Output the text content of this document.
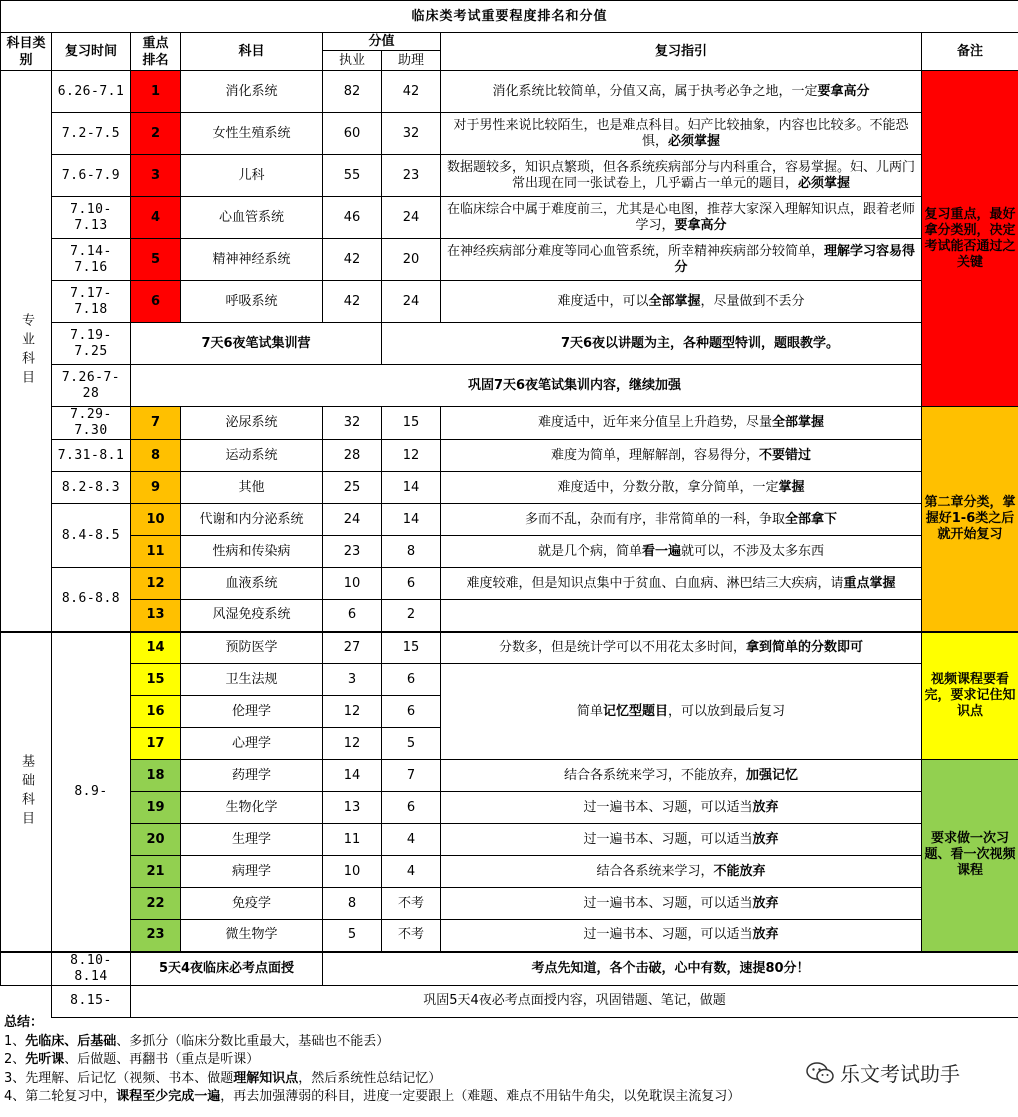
临床类考试重要程度排名和分值							
科目类别	复习时间	重点排名	科目	分值		复习指引	备注
				执业	助理		
专业科目	6.26-7.1	1	消化系统	82	42	消化系统比较简单，分值又高，属于执考必争之地，一定要拿高分	复习重点，最好拿分类别，决定考试能否通过之关键
	7.2-7.5	2	女性生殖系统	60	32	对于男性来说比较陌生，也是难点科目。妇产比较抽象，内容也比较多。不能恐惧，必须掌握	
	7.6-7.9	3	儿科	55	23	数据题较多，知识点繁琐，但各系统疾病部分与内科重合，容易掌握。妇、儿两门常出现在同一张试卷上，几乎霸占一单元的题目，必须掌握	
	7.10-7.13	4	心血管系统	46	24	在临床综合中属于难度前三，尤其是心电图，推荐大家深入理解知识点，跟着老师学习，要拿高分	
	7.14-7.16	5	精神神经系统	42	20	在神经疾病部分难度等同心血管系统，所幸精神疾病部分较简单，理解学习容易得分	
	7.17-7.18	6	呼吸系统	42	24	难度适中，可以全部掌握，尽量做到不丢分	
	7.19-7.25	7天6夜笔试集训营			7天6夜以讲题为主，各种题型特训，题眼教学。		
	7.26-7-28	巩固7天6夜笔试集训内容，继续加强					
	7.29-7.30	7	泌尿系统	32	15	难度适中，近年来分值呈上升趋势，尽量全部掌握	第二章分类，掌握好1-6类之后就开始复习
	7.31-8.1	8	运动系统	28	12	难度为简单，理解解剖，容易得分，不要错过	
	8.2-8.3	9	其他	25	14	难度适中，分数分散，拿分简单，一定掌握	
	8.4-8.5	10	代谢和内分泌系统	24	14	多而不乱，杂而有序，非常简单的一科，争取全部拿下	
		11	性病和传染病	23	8	就是几个病，简单看一遍就可以，不涉及太多东西	
	8.6-8.8	12	血液系统	10	6	难度较难，但是知识点集中于贫血、白血病、淋巴结三大疾病，请重点掌握	
		13	风湿免疫系统	6	2		
基础科目	8.9-	14	预防医学	27	15	分数多，但是统计学可以不用花太多时间，拿到简单的分数即可	视频课程要看完，要求记住知识点
		15	卫生法规	3	6	简单记忆型题目，可以放到最后复习	
		16	伦理学	12	6		
		17	心理学	12	5		
		18	药理学	14	7	结合各系统来学习，不能放弃，加强记忆	要求做一次习题、看一次视频课程
		19	生物化学	13	6	过一遍书本、习题，可以适当放弃	
		20	生理学	11	4	过一遍书本、习题，可以适当放弃	
		21	病理学	10	4	结合各系统来学习，不能放弃	
		22	免疫学	8	不考	过一遍书本、习题，可以适当放弃	
		23	微生物学	5	不考	过一遍书本、习题，可以适当放弃	
	8.10-8.14	5天4夜临床必考点面授		考点先知道，各个击破，心中有数，速提80分！			
	8.15-	巩固5天4夜必考点面授内容，巩固错题、笔记，做题					
总结：
1、先临床、后基础、多抓分（临床分数比重最大，基础也不能丢）
2、先听课、后做题、再翻书（重点是听课）
3、先理解、后记忆（视频、书本、做题理解知识点，然后系统性总结记忆）
4、第二轮复习中，课程至少完成一遍，再去加强薄弱的科目，进度一定要跟上（难题、难点不用钻牛角尖，以免耽误主流复习）
乐文考试助手
